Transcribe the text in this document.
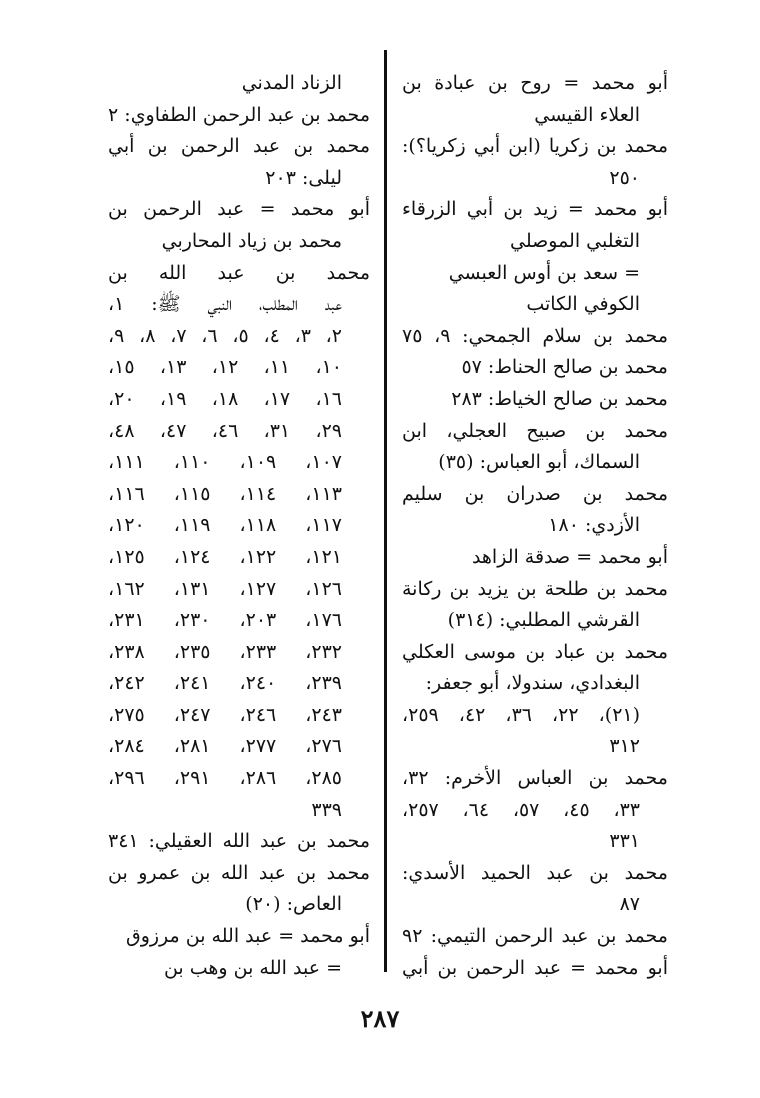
أبو محمد = روح بن عبادة بن
العلاء القيسي
محمد بن زكريا (ابن أبي زكريا؟):
٢٥٠
أبو محمد = زيد بن أبي الزرقاء
التغلبي الموصلي
= سعد بن أوس العبسي
الكوفي الكاتب
محمد بن سلام الجمحي: ٩، ٧٥
محمد بن صالح الحناط: ٥٧
محمد بن صالح الخياط: ٢٨٣
محمد بن صبيح العجلي، ابن
السماك، أبو العباس: (٣٥)
محمد بن صدران بن سليم
الأزدي: ١٨٠
أبو محمد = صدقة الزاهد
محمد بن طلحة بن يزيد بن ركانة
القرشي المطلبي: (٣١٤)
محمد بن عباد بن موسى العكلي
البغدادي، سندولا، أبو جعفر:
(٢١)، ٢٢، ٣٦، ٤٢، ٢٥٩،
٣١٢
محمد بن العباس الأخرم: ٣٢،
٣٣، ٤٥، ٥٧، ٦٤، ٢٥٧،
٣٣١
محمد بن عبد الحميد الأسدي:
٨٧
محمد بن عبد الرحمن التيمي: ٩٢
أبو محمد = عبد الرحمن بن أبي
الزناد المدني
محمد بن عبد الرحمن الطفاوي: ٢
محمد بن عبد الرحمن بن أبي
ليلى: ٢٠٣
أبو محمد = عبد الرحمن بن
محمد بن زياد المحاربي
محمد بن عبد الله بن
عبد المطلب، النبي ﷺ: ١،
٢، ٣، ٤، ٥، ٦، ٧، ٨، ٩،
١٠، ١١، ١٢، ١٣، ١٥،
١٦، ١٧، ١٨، ١٩، ٢٠،
٢٩، ٣١، ٤٦، ٤٧، ٤٨،
١٠٧، ١٠٩، ١١٠، ١١١،
١١٣، ١١٤، ١١٥، ١١٦،
١١٧، ١١٨، ١١٩، ١٢٠،
١٢١، ١٢٢، ١٢٤، ١٢٥،
١٢٦، ١٢٧، ١٣١، ١٦٢،
١٧٦، ٢٠٣، ٢٣٠، ٢٣١،
٢٣٢، ٢٣٣، ٢٣٥، ٢٣٨،
٢٣٩، ٢٤٠، ٢٤١، ٢٤٢،
٢٤٣، ٢٤٦، ٢٤٧، ٢٧٥،
٢٧٦، ٢٧٧، ٢٨١، ٢٨٤،
٢٨٥، ٢٨٦، ٢٩١، ٢٩٦،
٣٣٩
محمد بن عبد الله العقيلي: ٣٤١
محمد بن عبد الله بن عمرو بن
العاص: (٢٠)
أبو محمد = عبد الله بن مرزوق
= عبد الله بن وهب بن
٢٨٧
